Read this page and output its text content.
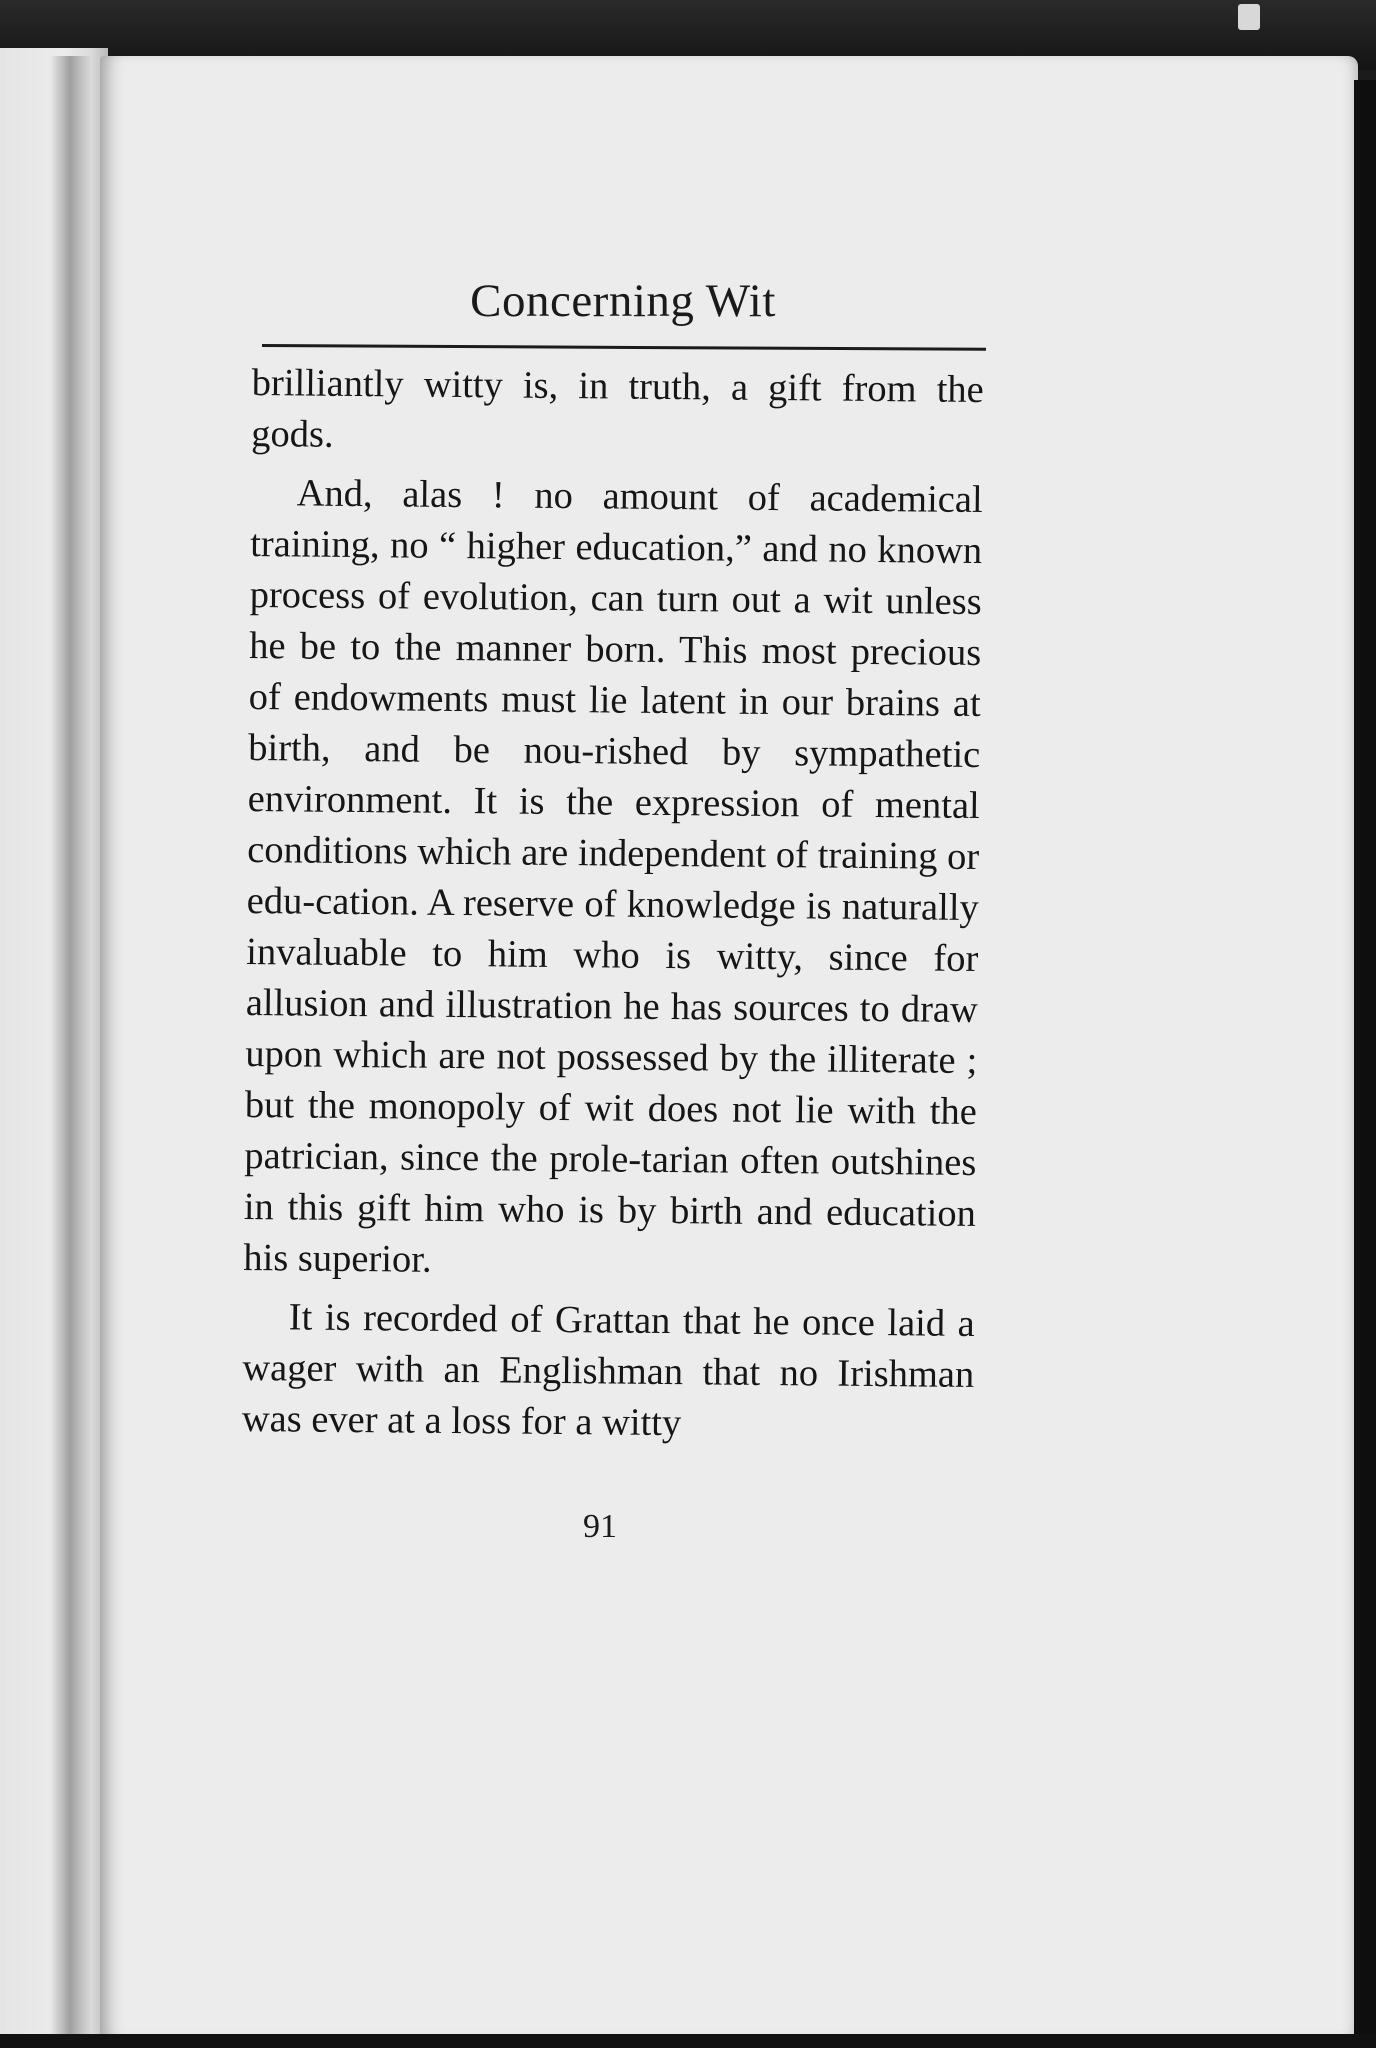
Concerning Wit

brilliantly witty is, in truth, a gift from the gods.

And, alas ! no amount of academical training, no “ higher education,” and no known process of evolution, can turn out a wit unless he be to the manner born. This most precious of endowments must lie latent in our brains at birth, and be nou-rished by sympathetic environment. It is the expression of mental conditions which are independent of training or edu-cation. A reserve of knowledge is naturally invaluable to him who is witty, since for allusion and illustration he has sources to draw upon which are not possessed by the illiterate ; but the monopoly of wit does not lie with the patrician, since the prole-tarian often outshines in this gift him who is by birth and education his superior.

It is recorded of Grattan that he once laid a wager with an Englishman that no Irishman was ever at a loss for a witty

91
